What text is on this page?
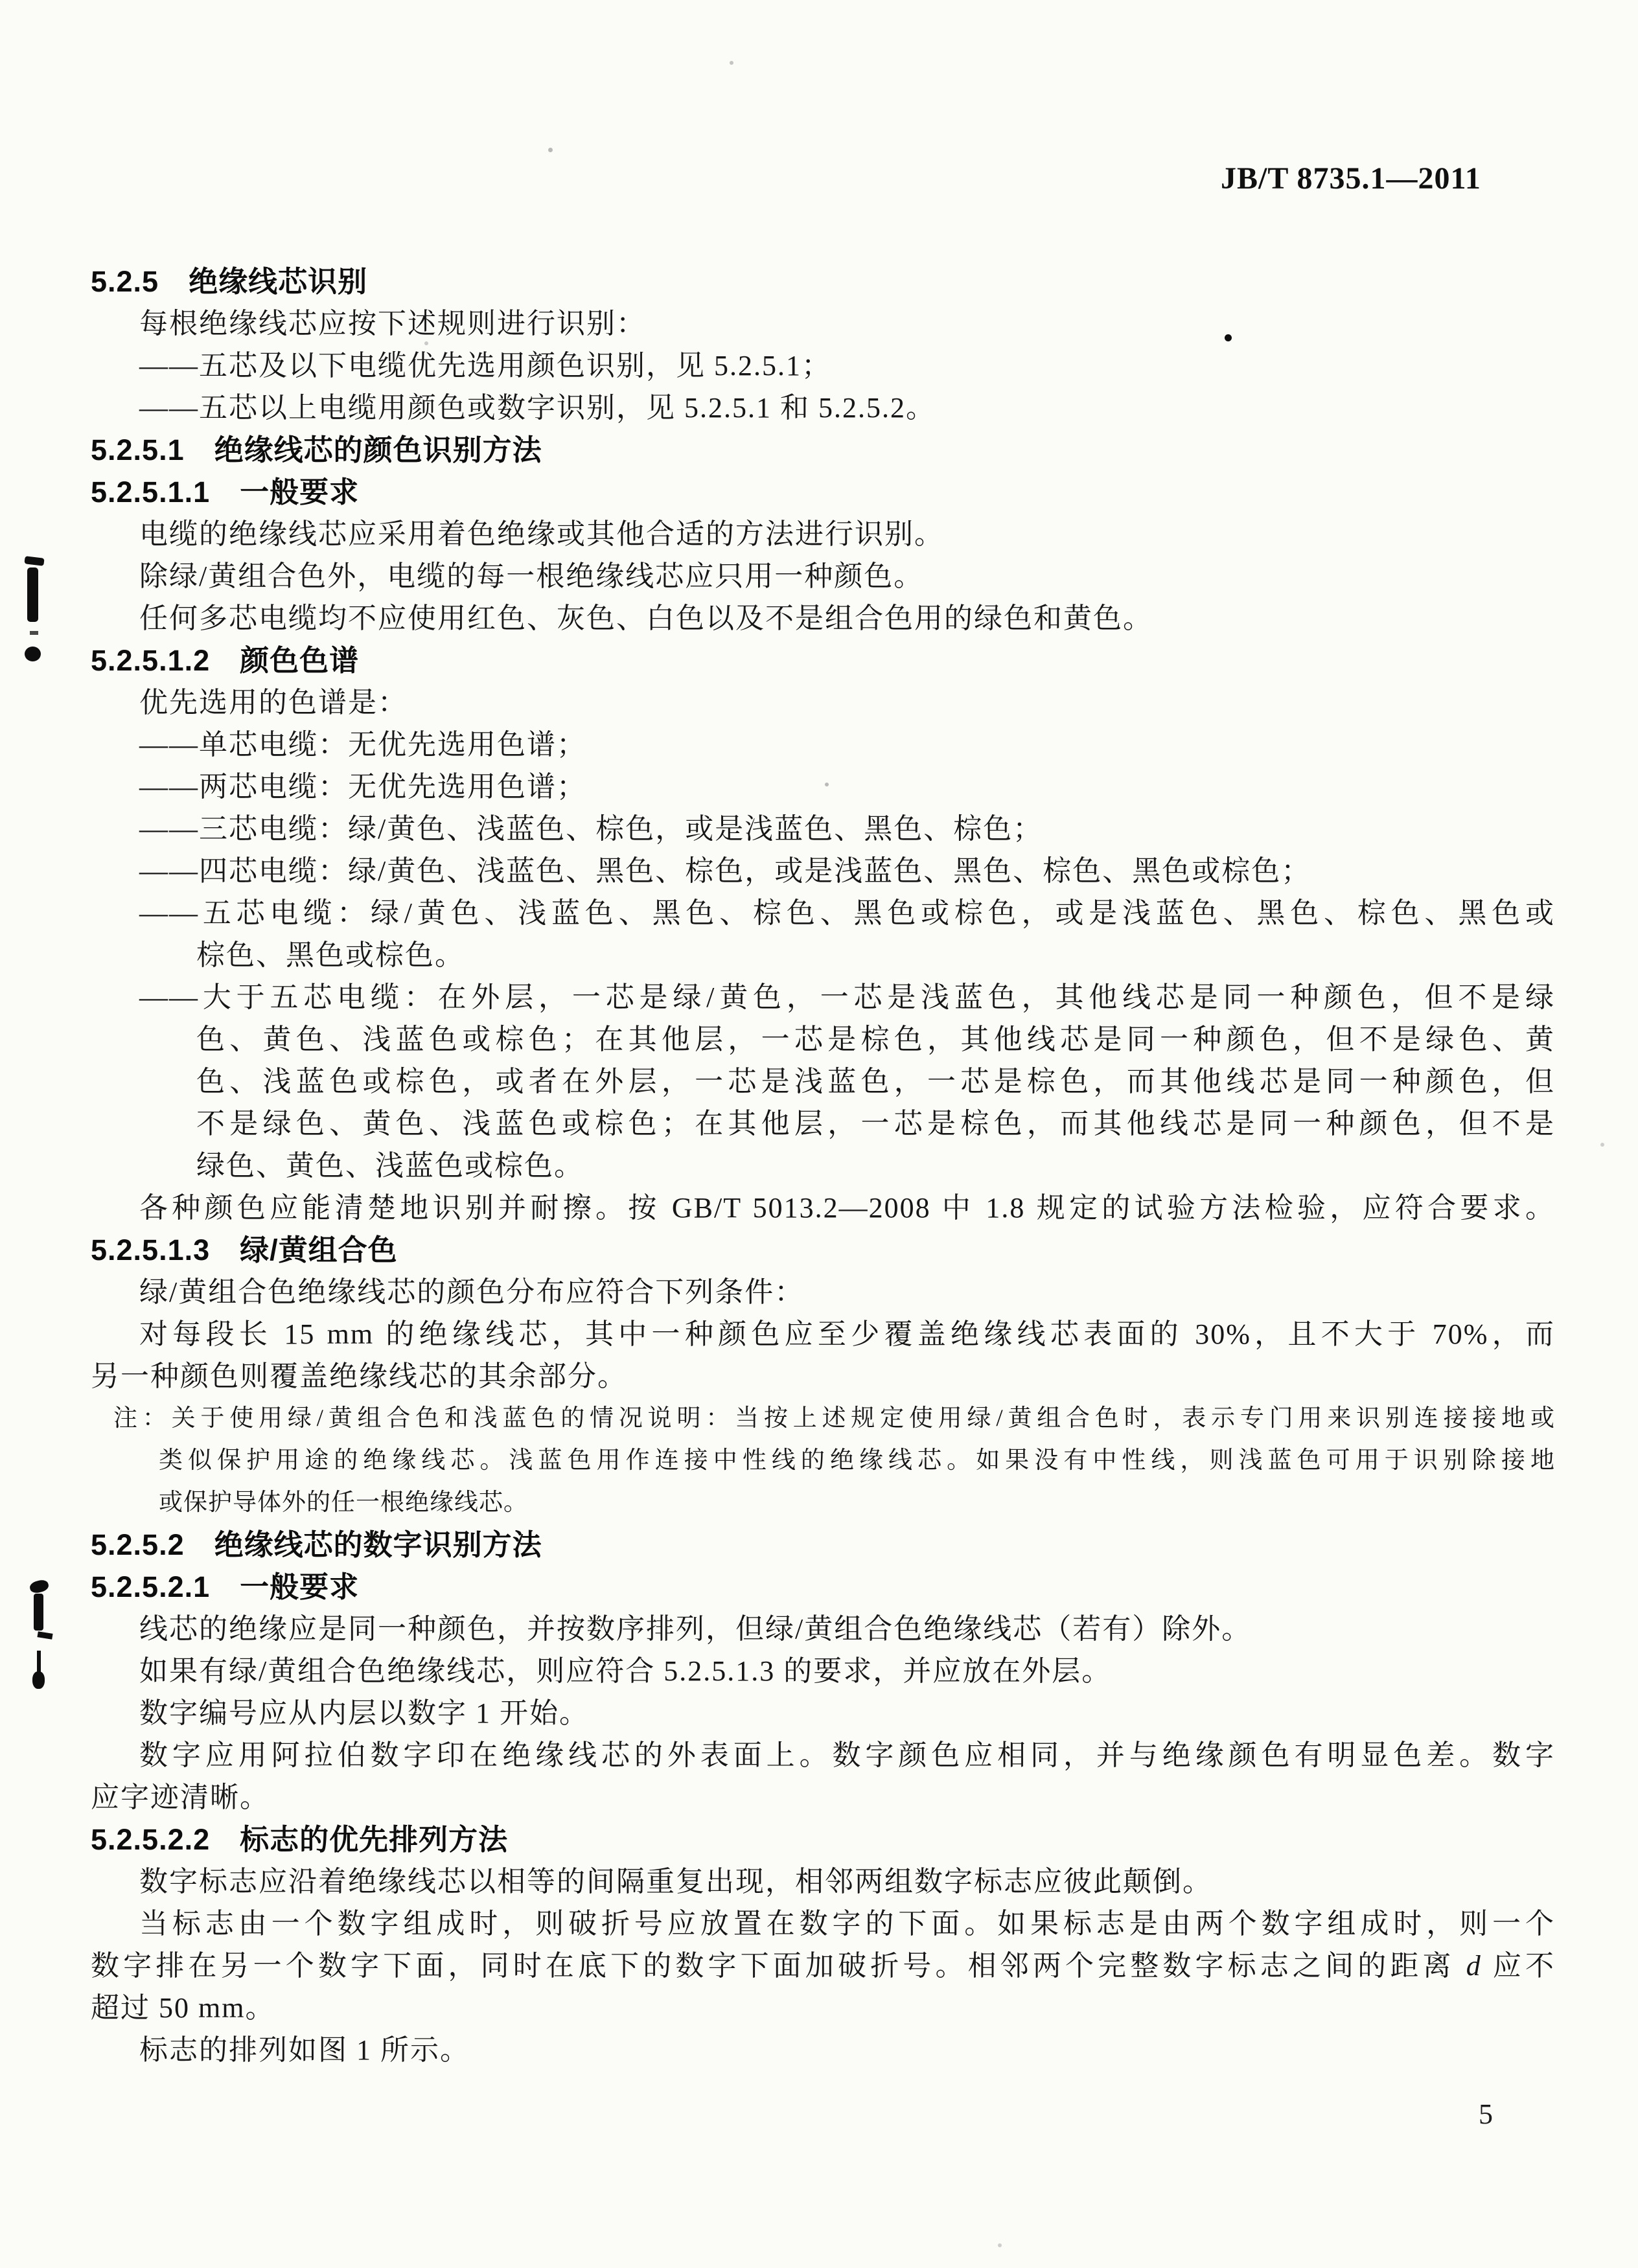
JB/T 8735.1—2011
5.2.5　绝缘线芯识别
每根绝缘线芯应按下述规则进行识别：
——五芯及以下电缆优先选用颜色识别，见 5.2.5.1；
——五芯以上电缆用颜色或数字识别，见 5.2.5.1 和 5.2.5.2。
5.2.5.1　绝缘线芯的颜色识别方法
5.2.5.1.1　一般要求
电缆的绝缘线芯应采用着色绝缘或其他合适的方法进行识别。
除绿/黄组合色外，电缆的每一根绝缘线芯应只用一种颜色。
任何多芯电缆均不应使用红色、灰色、白色以及不是组合色用的绿色和黄色。
5.2.5.1.2　颜色色谱
优先选用的色谱是：
——单芯电缆：无优先选用色谱；
——两芯电缆：无优先选用色谱；
——三芯电缆：绿/黄色、浅蓝色、棕色，或是浅蓝色、黑色、棕色；
——四芯电缆：绿/黄色、浅蓝色、黑色、棕色，或是浅蓝色、黑色、棕色、黑色或棕色；
——五芯电缆：绿/黄色、浅蓝色、黑色、棕色、黑色或棕色，或是浅蓝色、黑色、棕色、黑色或
棕色、黑色或棕色。
——大于五芯电缆：在外层，一芯是绿/黄色，一芯是浅蓝色，其他线芯是同一种颜色，但不是绿
色、黄色、浅蓝色或棕色；在其他层，一芯是棕色，其他线芯是同一种颜色，但不是绿色、黄
色、浅蓝色或棕色，或者在外层，一芯是浅蓝色，一芯是棕色，而其他线芯是同一种颜色，但
不是绿色、黄色、浅蓝色或棕色；在其他层，一芯是棕色，而其他线芯是同一种颜色，但不是
绿色、黄色、浅蓝色或棕色。
各种颜色应能清楚地识别并耐擦。按 GB/T 5013.2—2008 中 1.8 规定的试验方法检验，应符合要求。
5.2.5.1.3　绿/黄组合色
绿/黄组合色绝缘线芯的颜色分布应符合下列条件：
对每段长 15 mm 的绝缘线芯，其中一种颜色应至少覆盖绝缘线芯表面的 30%，且不大于 70%，而
另一种颜色则覆盖绝缘线芯的其余部分。
注：关于使用绿/黄组合色和浅蓝色的情况说明：当按上述规定使用绿/黄组合色时，表示专门用来识别连接接地或
类似保护用途的绝缘线芯。浅蓝色用作连接中性线的绝缘线芯。如果没有中性线，则浅蓝色可用于识别除接地
或保护导体外的任一根绝缘线芯。
5.2.5.2　绝缘线芯的数字识别方法
5.2.5.2.1　一般要求
线芯的绝缘应是同一种颜色，并按数序排列，但绿/黄组合色绝缘线芯（若有）除外。
如果有绿/黄组合色绝缘线芯，则应符合 5.2.5.1.3 的要求，并应放在外层。
数字编号应从内层以数字 1 开始。
数字应用阿拉伯数字印在绝缘线芯的外表面上。数字颜色应相同，并与绝缘颜色有明显色差。数字
应字迹清晰。
5.2.5.2.2　标志的优先排列方法
数字标志应沿着绝缘线芯以相等的间隔重复出现，相邻两组数字标志应彼此颠倒。
当标志由一个数字组成时，则破折号应放置在数字的下面。如果标志是由两个数字组成时，则一个
数字排在另一个数字下面，同时在底下的数字下面加破折号。相邻两个完整数字标志之间的距离 d 应不
超过 50 mm。
标志的排列如图 1 所示。
5
